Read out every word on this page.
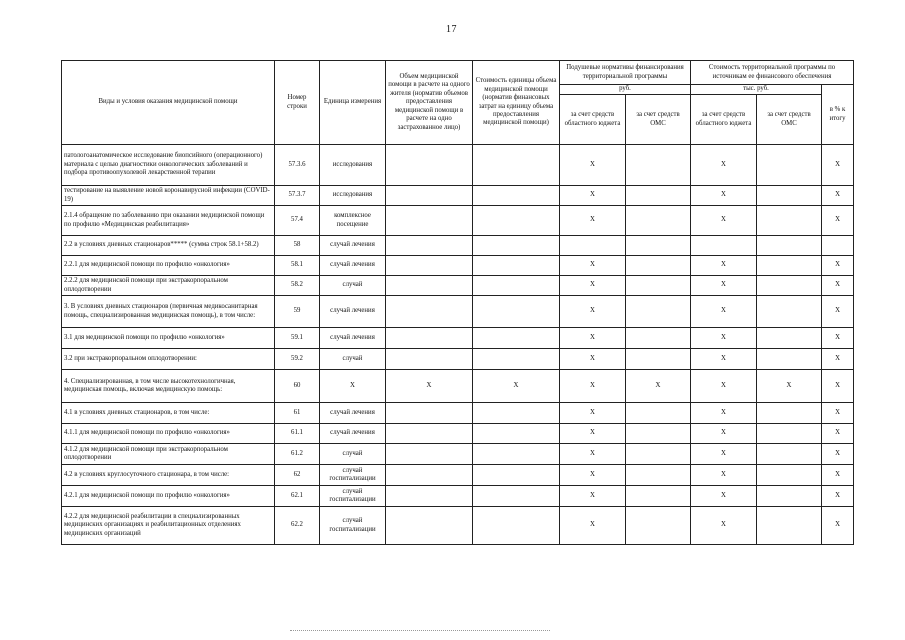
17
Виды и условия оказания медицинской помощи	Номер строки	Единица измерения	Объем медицинской помощи в расчете на одного жителя (норматив объемов предоставления медицинской помощи в расчете на одно застрахованное лицо)	Стоимость единицы объема медицинской помощи (норматив финансовых затрат на единицу объема предоставления медицинской помощи)	Подушевые нормативы финансирования территориальной программы		Стоимость территориальной программы по источникам ее финансового обеспечения		
					руб.		тыс. руб.		в % к итогу
					за счет средств областного юджета	за счет средств ОМС	за счет средств областного юджета	за счет средств ОМС	
патологоанатомическое исследование биопсийного (операционного) материала с целью диагностики онкологических заболеваний и подбора противоопухолевой лекарственной терапии	57.3.6	исследования			X		X		X
тестирование на выявление новой коронавирусной инфекции (COVID-19)	57.3.7	исследования			X		X		X
2.1.4 обращение по заболеванию при оказании медицинской помощи по профилю «Медицинская реабилитация»	57.4	комплексное посещение			X		X		X
2.2 в условиях дневных стационаров***** (сумма строк 58.1+58.2)	58	случай лечения							
2.2.1 для медицинской помощи по профилю «онкология»	58.1	случай лечения			X		X		X
2.2.2 для медицинской помощи при экстракорпоральном оплодотворении	58.2	случай			X		X		X
3. В условиях дневных стационаров (первичная медикосанитарная помощь, специализированная медицинская помощь), в том числе:	59	случай лечения			X		X		X
3.1 для медицинской помощи по профилю «онкология»	59.1	случай лечения			X		X		X
3.2 при экстракорпоральном оплодотворении:	59.2	случай			X		X		X
4. Специализированная, в том числе высокотехнологичная, медицинская помощь, включая медицинскую помощь:	60	X	X	X	X	X	X	X	X
4.1 в условиях дневных стационаров, в том числе:	61	случай лечения			X		X		X
4.1.1 для медицинской помощи по профилю «онкология»	61.1	случай лечения			X		X		X
4.1.2 для медицинской помощи при экстракорпоральном оплодотворении	61.2	случай			X		X		X
4.2 в условиях круглосуточного стационара, в том числе:	62	случай госпитализации			X		X		X
4.2.1 для медицинской помощи по профилю «онкология»	62.1	случай госпитализации			X		X		X
4.2.2 для медицинской реабилитации в специализированных медицинских организациях и реабилитационных отделениях медицинских организаций	62.2	случай госпитализации			X		X		X
